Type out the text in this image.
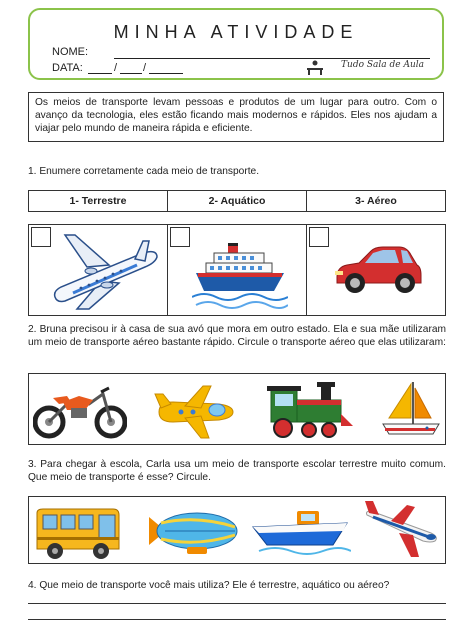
MINHA ATIVIDADE
NOME:
DATA:	/ /	Tudo Sala de Aula
Os meios de transporte levam pessoas e produtos de um lugar para outro. Com o avanço da tecnologia, eles estão ficando mais modernos e rápidos. Eles nos ajudam a viajar pelo mundo de maneira rápida e eficiente.
1. Enumere corretamente cada meio de transporte.
1- Terrestre	2- Aquático	3- Aéreo
2. Bruna precisou ir à casa de sua avó que mora em outro estado. Ela e sua mãe utilizaram um meio de transporte aéreo bastante rápido. Circule o transporte aéreo que elas utilizaram:
3. Para chegar à escola, Carla usa um meio de transporte escolar terrestre muito comum. Que meio de transporte é esse? Circule.
4. Que meio de transporte você mais utiliza? Ele é terrestre, aquático ou aéreo?
